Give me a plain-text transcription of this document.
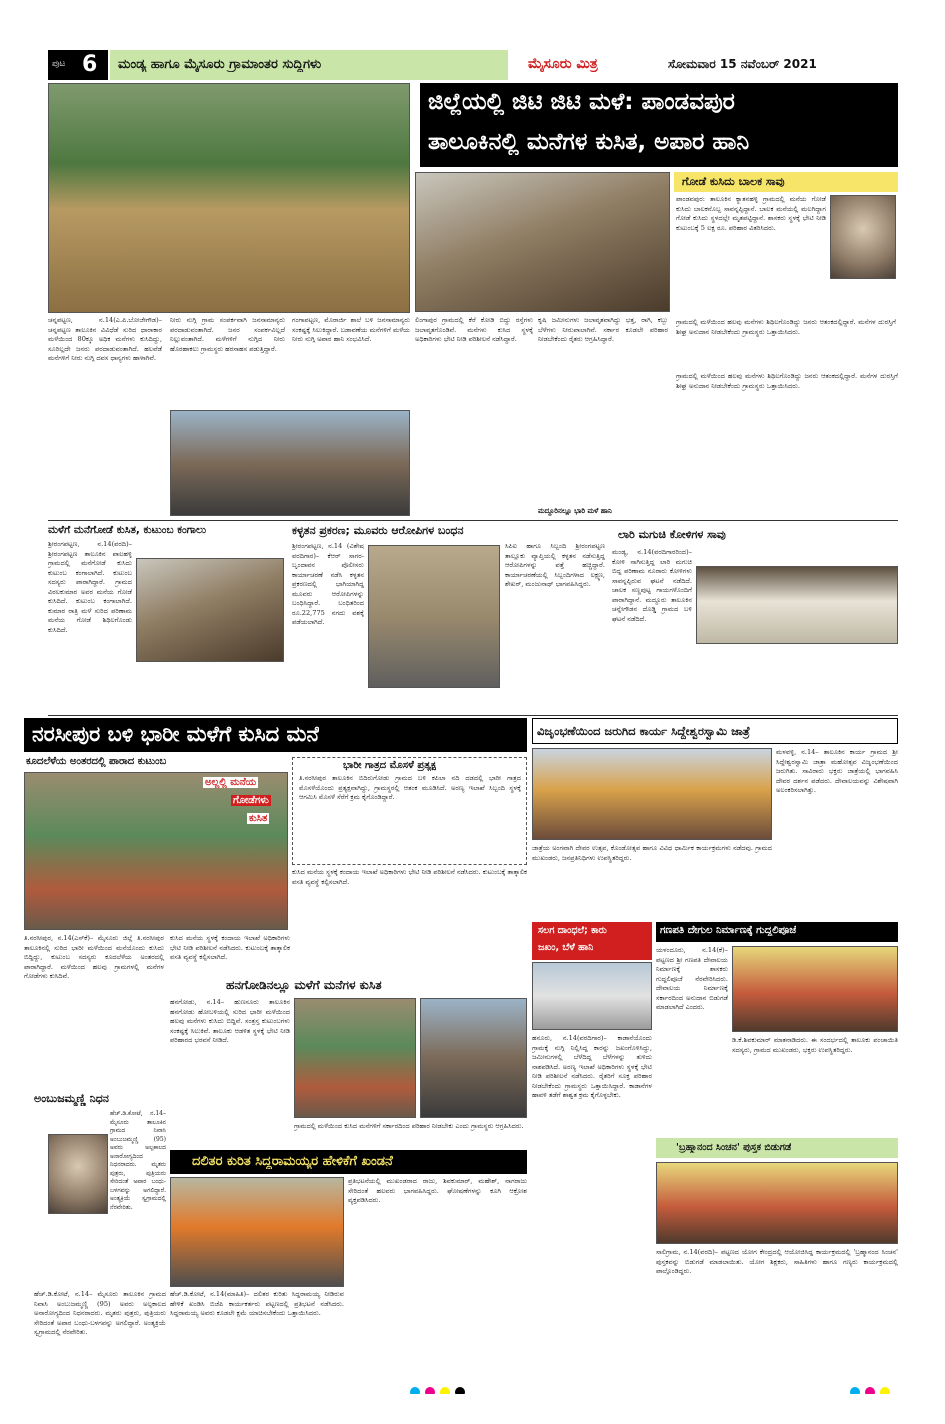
ಪುಟ 6 ಮಂಡ್ಯ ಹಾಗೂ ಮೈಸೂರು ಗ್ರಾಮಾಂತರ ಸುದ್ದಿಗಳು	ಮೈಸೂರು ಮಿತ್ರ	ಸೋಮವಾರ 15 ನವೆಂಬರ್ 2021
ಜಿಲ್ಲೆಯಲ್ಲಿ ಜಿಟಿ ಜಿಟಿ ಮಳೆ: ಪಾಂಡವಪುರ
ತಾಲೂಕಿನಲ್ಲಿ ಮನೆಗಳ ಕುಸಿತ, ಅಪಾರ ಹಾನಿ
ಗೋಡೆ ಕುಸಿದು ಬಾಲಕ ಸಾವು
ಪಾಂಡವಪುರ: ತಾಲೂಕಿನ ಕ್ಯಾತನಹಳ್ಳಿ ಗ್ರಾಮದಲ್ಲಿ ಮನೆಯ ಗೋಡೆ ಕುಸಿದು ಬಾಲಕನೊಬ್ಬ ಸಾವನ್ನಪ್ಪಿದ್ದಾನೆ. ಬಾಲಕ ಮನೆಯಲ್ಲಿ ಮಲಗಿದ್ದಾಗ ಗೋಡೆ ಕುಸಿದು ಸ್ಥಳದಲ್ಲೇ ಮೃತಪಟ್ಟಿದ್ದಾನೆ. ಶಾಸಕರು ಸ್ಥಳಕ್ಕೆ ಭೇಟಿ ನೀಡಿ ಕುಟುಂಬಕ್ಕೆ 5 ಲಕ್ಷ ರೂ. ಪರಿಹಾರ ವಿತರಿಸಿದರು.
ಗ್ರಾಮದಲ್ಲಿ ಮಳೆಯಿಂದ ಹಲವು ಮನೆಗಳು ಶಿಥಿಲಗೊಂಡಿದ್ದು ಜನರು ಆತಂಕದಲ್ಲಿದ್ದಾರೆ. ಮನೆಗಳ ದುರಸ್ತಿಗೆ ಶೀಘ್ರ ಅನುದಾನ ನೀಡಬೇಕೆಂದು ಗ್ರಾಮಸ್ಥರು ಒತ್ತಾಯಿಸಿದರು.
ಚನ್ನಪಟ್ಟಣ, ನ.14(ಎ.ಪಿ.ಬೋಜೇಗೌಡ)– ಚನ್ನಪಟ್ಟಣ ತಾಲೂಕಿನ ವಿವಿಧೆಡೆ ಸುರಿದ ಧಾರಾಕಾರ ಮಳೆಯಿಂದ 80ಕ್ಕೂ ಅಧಿಕ ಮನೆಗಳು ಕುಸಿದಿದ್ದು, ಸೂರಿಲ್ಲದೇ ಜನರು ಪರದಾಡುವಂತಾಗಿದೆ. ಹಲವೆಡೆ ಮನೆಗಳಿಗೆ ನೀರು ನುಗ್ಗಿ ದವಸ ಧಾನ್ಯಗಳು ಹಾಳಾಗಿವೆ.
ನೀರು ನುಗ್ಗಿ ಗ್ರಾಮ ಸಂಪರ್ಕವಾಗಿ ಜನಸಾಮಾನ್ಯರು ಪರದಾಡುವಂತಾಗಿದೆ. ಜನರ ಸಂಪರ್ಕವಿಲ್ಲದೆ ನಿಲ್ಲುವಂತಾಗಿದೆ. ಮಳೆಗಳಿಗೆ ನುಗ್ಗಿದ ನೀರು ಹೊರಹಾಕಲು ಗ್ರಾಮಸ್ಥರು ಹರಸಾಹಸ ಪಡುತ್ತಿದ್ದಾರೆ.
ಗಂಗಾಪಟ್ಟಣ, ಮೊರಾರ್ಜಿ ಶಾಲೆ ಬಳಿ ಜನಸಾಮಾನ್ಯರು ಸಂಕಷ್ಟಕ್ಕೆ ಸಿಲುಕಿದ್ದಾರೆ. ಬಡಾವಣೆಯ ಮನೆಗಳಿಗೆ ಮಳೆಯ ನೀರು ನುಗ್ಗಿ ಅಪಾರ ಹಾನಿ ಸಂಭವಿಸಿದೆ.
ಲಿಂಗಾಪುರ ಗ್ರಾಮದಲ್ಲಿ ಕೆರೆ ಕೋಡಿ ಬಿದ್ದು ರಸ್ತೆಗಳು ಜಲಾವೃತಗೊಂಡಿವೆ. ಮನೆಗಳು ಕುಸಿದ ಸ್ಥಳಕ್ಕೆ ಅಧಿಕಾರಿಗಳು ಭೇಟಿ ನೀಡಿ ಪರಿಶೀಲನೆ ನಡೆಸಿದ್ದಾರೆ.
ಕೃಷಿ ಜಮೀನುಗಳು ಜಲಾವೃತವಾಗಿದ್ದು ಭತ್ತ, ರಾಗಿ, ಕಬ್ಬು ಬೆಳೆಗಳು ನೀರುಪಾಲಾಗಿವೆ. ಸರ್ಕಾರ ಕೂಡಲೇ ಪರಿಹಾರ ನೀಡಬೇಕೆಂದು ರೈತರು ಆಗ್ರಹಿಸಿದ್ದಾರೆ.
ಮದ್ದೂರಿನಲ್ಲೂ ಭಾರಿ ಮಳೆ ಹಾನಿ
ಗ್ರಾಮದಲ್ಲಿ ಮಳೆಯಿಂದ ಹಲವು ಮನೆಗಳು ಶಿಥಿಲಗೊಂಡಿದ್ದು ಜನರು ಆತಂಕದಲ್ಲಿದ್ದಾರೆ. ಮನೆಗಳ ದುರಸ್ತಿಗೆ ಶೀಘ್ರ ಅನುದಾನ ನೀಡಬೇಕೆಂದು ಗ್ರಾಮಸ್ಥರು ಒತ್ತಾಯಿಸಿದರು.
ಮಳೆಗೆ ಮನೆಗೋಡೆ ಕುಸಿತ, ಕುಟುಂಬ ಕಂಗಾಲು
ಶ್ರೀರಂಗಪಟ್ಟಣ, ನ.14(ವರದಿ)– ಶ್ರೀರಂಗಪಟ್ಟಣ ತಾಲೂಕಿನ ಪಾಲಹಳ್ಳಿ ಗ್ರಾಮದಲ್ಲಿ ಮನೆಗೋಡೆ ಕುಸಿದು ಕುಟುಂಬ ಕಂಗಾಲಾಗಿದೆ. ಕುಟುಂಬ ಸದಸ್ಯರು ಪಾರಾಗಿದ್ದಾರೆ. ಗ್ರಾಮದ ವಿಠಲಕುಮಾರ ಅವರ ಮನೆಯ ಗೋಡೆ ಕುಸಿದಿದೆ. ಕುಟುಂಬ ಕಂಗಾಲಾಗಿದೆ. ಕುಮಾರ ರಾತ್ರಿ ಮಳೆ ಸುರಿದ ಪರಿಣಾಮ ಮನೆಯ ಗೋಡೆ ಶಿಥಿಲಗೊಂಡು ಕುಸಿದಿದೆ.
ಕಳ್ಳತನ ಪ್ರಕರಣ; ಮೂವರು ಆರೋಪಿಗಳ ಬಂಧನ
ಶ್ರೀರಂಗಪಟ್ಟಣ, ನ.14 (ವಿಶೇಷ ವರದಿಗಾರ)– ಕೆಆರ್ ಸಾಗರ-ಬೃಂದಾವನ ಪೊಲೀಸರು ಕಾರ್ಯಾಚರಣೆ ನಡೆಸಿ ಕಳ್ಳತನ ಪ್ರಕರಣದಲ್ಲಿ ಭಾಗಿಯಾಗಿದ್ದ ಮೂವರು ಆರೋಪಿಗಳನ್ನು ಬಂಧಿಸಿದ್ದಾರೆ. ಬಂಧಿತರಿಂದ ರೂ.22,775 ನಗದು ವಶಕ್ಕೆ ಪಡೆಯಲಾಗಿದೆ.
ಸಿಪಿಐ ಹಾಗೂ ಸಿಬ್ಬಂದಿ ಶ್ರೀರಂಗಪಟ್ಟಣ ತಾಲ್ಲೂಕು ವ್ಯಾಪ್ತಿಯಲ್ಲಿ ಕಳ್ಳತನ ನಡೆಸುತ್ತಿದ್ದ ಆರೋಪಿಗಳನ್ನು ಪತ್ತೆ ಹಚ್ಚಿದ್ದಾರೆ. ಕಾರ್ಯಾಚರಣೆಯಲ್ಲಿ ಸಿಬ್ಬಂದಿಗಳಾದ ಲಕ್ಷ್ಮಣ, ಶೇಖರ್, ಮಂಜುನಾಥ್ ಭಾಗವಹಿಸಿದ್ದರು.
ಲಾರಿ ಮಗುಚಿ ಕೋಳಿಗಳ ಸಾವು
ಮಂಡ್ಯ, ನ.14(ವರದಿಗಾರರಿಂದ)– ಕೋಳಿ ಸಾಗಿಸುತ್ತಿದ್ದ ಲಾರಿ ಮಗುಚಿ ಬಿದ್ದ ಪರಿಣಾಮ ನೂರಾರು ಕೋಳಿಗಳು ಸಾವನ್ನಪ್ಪಿರುವ ಘಟನೆ ನಡೆದಿದೆ. ಚಾಲಕ ಸಣ್ಣಪುಟ್ಟ ಗಾಯಗಳೊಂದಿಗೆ ಪಾರಾಗಿದ್ದಾನೆ. ಮದ್ದೂರು ತಾಲೂಕಿನ ಚನ್ನೇಗೌಡನ ದೊಡ್ಡಿ ಗ್ರಾಮದ ಬಳಿ ಘಟನೆ ನಡೆದಿದೆ.
ನರಸೀಪುರ ಬಳಿ ಭಾರೀ ಮಳೆಗೆ ಕುಸಿದ ಮನೆ
ಕೂದಲೆಳೆಯ ಅಂತರದಲ್ಲಿ ಪಾರಾದ ಕುಟುಂಬ
ಅಲ್ಲಲ್ಲಿ ಮನೆಯ
ಗೋಡೆಗಳು
ಕುಸಿತ
ತಿ.ನರಸೀಪುರ, ನ.14(ಎಸ್‌ಕೆ)– ಮೈಸೂರು ಜಿಲ್ಲೆ ತಿ.ನರಸೀಪುರ ತಾಲೂಕಿನಲ್ಲಿ ಸುರಿದ ಭಾರೀ ಮಳೆಯಿಂದ ಮನೆಯೊಂದು ಕುಸಿದು ಬಿದ್ದಿದ್ದು, ಕುಟುಂಬ ಸದಸ್ಯರು ಕೂದಲೆಳೆಯ ಅಂತರದಲ್ಲಿ ಪಾರಾಗಿದ್ದಾರೆ. ಮಳೆಯಿಂದ ಹಲವು ಗ್ರಾಮಗಳಲ್ಲಿ ಮನೆಗಳ ಗೋಡೆಗಳು ಕುಸಿದಿವೆ.
ಕುಸಿದ ಮನೆಯ ಸ್ಥಳಕ್ಕೆ ಕಂದಾಯ ಇಲಾಖೆ ಅಧಿಕಾರಿಗಳು ಭೇಟಿ ನೀಡಿ ಪರಿಶೀಲನೆ ನಡೆಸಿದರು. ಕುಟುಂಬಕ್ಕೆ ತಾತ್ಕಾಲಿಕ ವಸತಿ ವ್ಯವಸ್ಥೆ ಕಲ್ಪಿಸಲಾಗಿದೆ.
ಭಾರೀ ಗಾತ್ರದ ಮೊಸಳೆ ಪ್ರತ್ಯಕ್ಷ
ತಿ.ನರಸೀಪುರ ತಾಲೂಕಿನ ಬಿದಿರುಗೋಡು ಗ್ರಾಮದ ಬಳಿ ಕಪಿಲಾ ನದಿ ದಡದಲ್ಲಿ ಭಾರೀ ಗಾತ್ರದ ಮೊಸಳೆಯೊಂದು ಪ್ರತ್ಯಕ್ಷವಾಗಿದ್ದು, ಗ್ರಾಮಸ್ಥರಲ್ಲಿ ಆತಂಕ ಮೂಡಿಸಿದೆ. ಅರಣ್ಯ ಇಲಾಖೆ ಸಿಬ್ಬಂದಿ ಸ್ಥಳಕ್ಕೆ ಆಗಮಿಸಿ ಮೊಸಳೆ ಸೆರೆಗೆ ಕ್ರಮ ಕೈಗೊಂಡಿದ್ದಾರೆ.
ಕುಸಿದ ಮನೆಯ ಸ್ಥಳಕ್ಕೆ ಕಂದಾಯ ಇಲಾಖೆ ಅಧಿಕಾರಿಗಳು ಭೇಟಿ ನೀಡಿ ಪರಿಶೀಲನೆ ನಡೆಸಿದರು. ಕುಟುಂಬಕ್ಕೆ ತಾತ್ಕಾಲಿಕ ವಸತಿ ವ್ಯವಸ್ಥೆ ಕಲ್ಪಿಸಲಾಗಿದೆ.
ಹನಗೋಡಿನಲ್ಲೂ ಮಳೆಗೆ ಮನೆಗಳ ಕುಸಿತ
ಹನಗೋಡು, ನ.14– ಹುಣಸೂರು ತಾಲೂಕಿನ ಹನಗೋಡು ಹೋಬಳಿಯಲ್ಲಿ ಸುರಿದ ಭಾರೀ ಮಳೆಯಿಂದ ಹಲವು ಮನೆಗಳು ಕುಸಿದು ಬಿದ್ದಿವೆ. ಸಂತ್ರಸ್ತ ಕುಟುಂಬಗಳು ಸಂಕಷ್ಟಕ್ಕೆ ಸಿಲುಕಿವೆ. ತಾಲೂಕು ಆಡಳಿತ ಸ್ಥಳಕ್ಕೆ ಭೇಟಿ ನೀಡಿ ಪರಿಹಾರದ ಭರವಸೆ ನೀಡಿದೆ.
ಗ್ರಾಮದಲ್ಲಿ ಮಳೆಯಿಂದ ಕುಸಿದ ಮನೆಗಳಿಗೆ ಸರ್ಕಾರದಿಂದ ಪರಿಹಾರ ನೀಡಬೇಕು ಎಂದು ಗ್ರಾಮಸ್ಥರು ಆಗ್ರಹಿಸಿದರು.
ಅಂಬುಜಮ್ಮಣ್ಣಿ ನಿಧನ
ಹೆಚ್.ಡಿ.ಕೋಟೆ, ನ.14– ಮೈಸೂರು ತಾಲೂಕಿನ ಗ್ರಾಮದ ನಿವಾಸಿ ಅಂಬುಜಮ್ಮಣ್ಣಿ (95) ಅವರು ಅಲ್ಪಕಾಲದ ಅನಾರೋಗ್ಯದಿಂದ ನಿಧನರಾದರು. ಮೃತರು ಪುತ್ರರು, ಪುತ್ರಿಯರು ಸೇರಿದಂತೆ ಅಪಾರ ಬಂಧು-ಬಳಗವನ್ನು ಅಗಲಿದ್ದಾರೆ. ಅಂತ್ಯಕ್ರಿಯೆ ಸ್ವಗ್ರಾಮದಲ್ಲಿ ನೆರವೇರಿತು.
ಹೆಚ್.ಡಿ.ಕೋಟೆ, ನ.14– ಮೈಸೂರು ತಾಲೂಕಿನ ಗ್ರಾಮದ ನಿವಾಸಿ ಅಂಬುಜಮ್ಮಣ್ಣಿ (95) ಅವರು ಅಲ್ಪಕಾಲದ ಅನಾರೋಗ್ಯದಿಂದ ನಿಧನರಾದರು. ಮೃತರು ಪುತ್ರರು, ಪುತ್ರಿಯರು ಸೇರಿದಂತೆ ಅಪಾರ ಬಂಧು-ಬಳಗವನ್ನು ಅಗಲಿದ್ದಾರೆ. ಅಂತ್ಯಕ್ರಿಯೆ ಸ್ವಗ್ರಾಮದಲ್ಲಿ ನೆರವೇರಿತು.
ದಲಿತರ ಕುರಿತ ಸಿದ್ದರಾಮಯ್ಯರ ಹೇಳಿಕೆಗೆ ಖಂಡನೆ
ಹೆಚ್.ಡಿ.ಕೋಟೆ, ನ.14(ಮಾಹಿತಿ)– ದಲಿತರ ಕುರಿತು ಸಿದ್ದರಾಮಯ್ಯ ನೀಡಿರುವ ಹೇಳಿಕೆ ಖಂಡಿಸಿ ಬಿಜೆಪಿ ಕಾರ್ಯಕರ್ತರು ಪಟ್ಟಣದಲ್ಲಿ ಪ್ರತಿಭಟನೆ ನಡೆಸಿದರು. ಸಿದ್ದರಾಮಯ್ಯ ಅವರು ಕೂಡಲೇ ಕ್ಷಮೆ ಯಾಚಿಸಬೇಕೆಂದು ಒತ್ತಾಯಿಸಿದರು.
ಪ್ರತಿಭಟನೆಯಲ್ಲಿ ಮುಖಂಡರಾದ ರಾಜು, ಶಿವಕುಮಾರ್, ಮಹೇಶ್, ನಾಗರಾಜು ಸೇರಿದಂತೆ ಹಲವರು ಭಾಗವಹಿಸಿದ್ದರು. ಘೋಷಣೆಗಳನ್ನು ಕೂಗಿ ಆಕ್ರೋಶ ವ್ಯಕ್ತಪಡಿಸಿದರು.
ವಿಜೃಂಭಣೆಯಿಂದ ಜರುಗಿದ ಕಾರ್ಯ ಸಿದ್ದೇಶ್ವರಸ್ವಾಮಿ ಜಾತ್ರೆ
ಮಳವಳ್ಳಿ, ನ.14– ತಾಲೂಕಿನ ಕಾರ್ಯ ಗ್ರಾಮದ ಶ್ರೀ ಸಿದ್ದೇಶ್ವರಸ್ವಾಮಿ ಜಾತ್ರಾ ಮಹೋತ್ಸವ ವಿಜೃಂಭಣೆಯಿಂದ ಜರುಗಿತು. ಸಾವಿರಾರು ಭಕ್ತರು ಜಾತ್ರೆಯಲ್ಲಿ ಭಾಗವಹಿಸಿ ದೇವರ ದರ್ಶನ ಪಡೆದರು. ದೇವಾಲಯವನ್ನು ವಿಶೇಷವಾಗಿ ಅಲಂಕರಿಸಲಾಗಿತ್ತು.
ಜಾತ್ರೆಯ ಅಂಗವಾಗಿ ದೇವರ ಉತ್ಸವ, ಕೊಂಡೋತ್ಸವ ಹಾಗೂ ವಿವಿಧ ಧಾರ್ಮಿಕ ಕಾರ್ಯಕ್ರಮಗಳು ನಡೆದವು. ಗ್ರಾಮದ ಮುಖಂಡರು, ಜನಪ್ರತಿನಿಧಿಗಳು ಉಪಸ್ಥಿತರಿದ್ದರು.
ಸಲಗ ದಾಂಧಲೆ; ಕಾರು
ಜಖಂ, ಬೆಳೆ ಹಾನಿ
ಹನೂರು, ನ.14(ವರದಿಗಾರ)– ಕಾಡಾನೆಯೊಂದು ಗ್ರಾಮಕ್ಕೆ ನುಗ್ಗಿ ನಿಲ್ಲಿಸಿದ್ದ ಕಾರನ್ನು ಜಖಂಗೊಳಿಸಿದ್ದು, ಜಮೀನುಗಳಲ್ಲಿ ಬೆಳೆದಿದ್ದ ಬೆಳೆಗಳನ್ನು ತುಳಿದು ನಾಶಪಡಿಸಿದೆ. ಅರಣ್ಯ ಇಲಾಖೆ ಅಧಿಕಾರಿಗಳು ಸ್ಥಳಕ್ಕೆ ಭೇಟಿ ನೀಡಿ ಪರಿಶೀಲನೆ ನಡೆಸಿದರು. ರೈತರಿಗೆ ಸೂಕ್ತ ಪರಿಹಾರ ನೀಡಬೇಕೆಂದು ಗ್ರಾಮಸ್ಥರು ಒತ್ತಾಯಿಸಿದ್ದಾರೆ. ಕಾಡಾನೆಗಳ ಹಾವಳಿ ತಡೆಗೆ ಶಾಶ್ವತ ಕ್ರಮ ಕೈಗೊಳ್ಳಬೇಕು.
ಗಣಪತಿ ದೇಗುಲ ನಿರ್ಮಾಣಕ್ಕೆ ಗುದ್ದಲಿಪೂಜೆ
ಯಳಂದೂರು, ನ.14(ಕೆ)– ಪಟ್ಟಣದ ಶ್ರೀ ಗಣಪತಿ ದೇವಾಲಯ ನಿರ್ಮಾಣಕ್ಕೆ ಶಾಸಕರು ಗುದ್ದಲಿಪೂಜೆ ನೆರವೇರಿಸಿದರು. ದೇವಾಲಯ ನಿರ್ಮಾಣಕ್ಕೆ ಸರ್ಕಾರದಿಂದ ಅನುದಾನ ಬಿಡುಗಡೆ ಮಾಡಲಾಗಿದೆ ಎಂದರು.
ಡಿ.ಕೆ.ಶಿವಕುಮಾರ್ ಮಾತನಾಡಿದರು. ಈ ಸಂದರ್ಭದಲ್ಲಿ ತಾಲೂಕು ಪಂಚಾಯಿತಿ ಸದಸ್ಯರು, ಗ್ರಾಮದ ಮುಖಂಡರು, ಭಕ್ತರು ಉಪಸ್ಥಿತರಿದ್ದರು.
'ಬ್ರಹ್ಮಾನಂದ ಸಿಂಚನ' ಪುಸ್ತಕ ಬಿಡುಗಡೆ
ಸಾಲಿಗ್ರಾಮ, ನ.14(ವರದಿ)– ಪಟ್ಟಣದ ಯೋಗ ಕೇಂದ್ರದಲ್ಲಿ ಆಯೋಜಿಸಿದ್ದ ಕಾರ್ಯಕ್ರಮದಲ್ಲಿ 'ಬ್ರಹ್ಮಾನಂದ ಸಿಂಚನ' ಪುಸ್ತಕವನ್ನು ಬಿಡುಗಡೆ ಮಾಡಲಾಯಿತು. ಯೋಗ ಶಿಕ್ಷಕರು, ಸಾಹಿತಿಗಳು ಹಾಗೂ ಗಣ್ಯರು ಕಾರ್ಯಕ್ರಮದಲ್ಲಿ ಪಾಲ್ಗೊಂಡಿದ್ದರು.
